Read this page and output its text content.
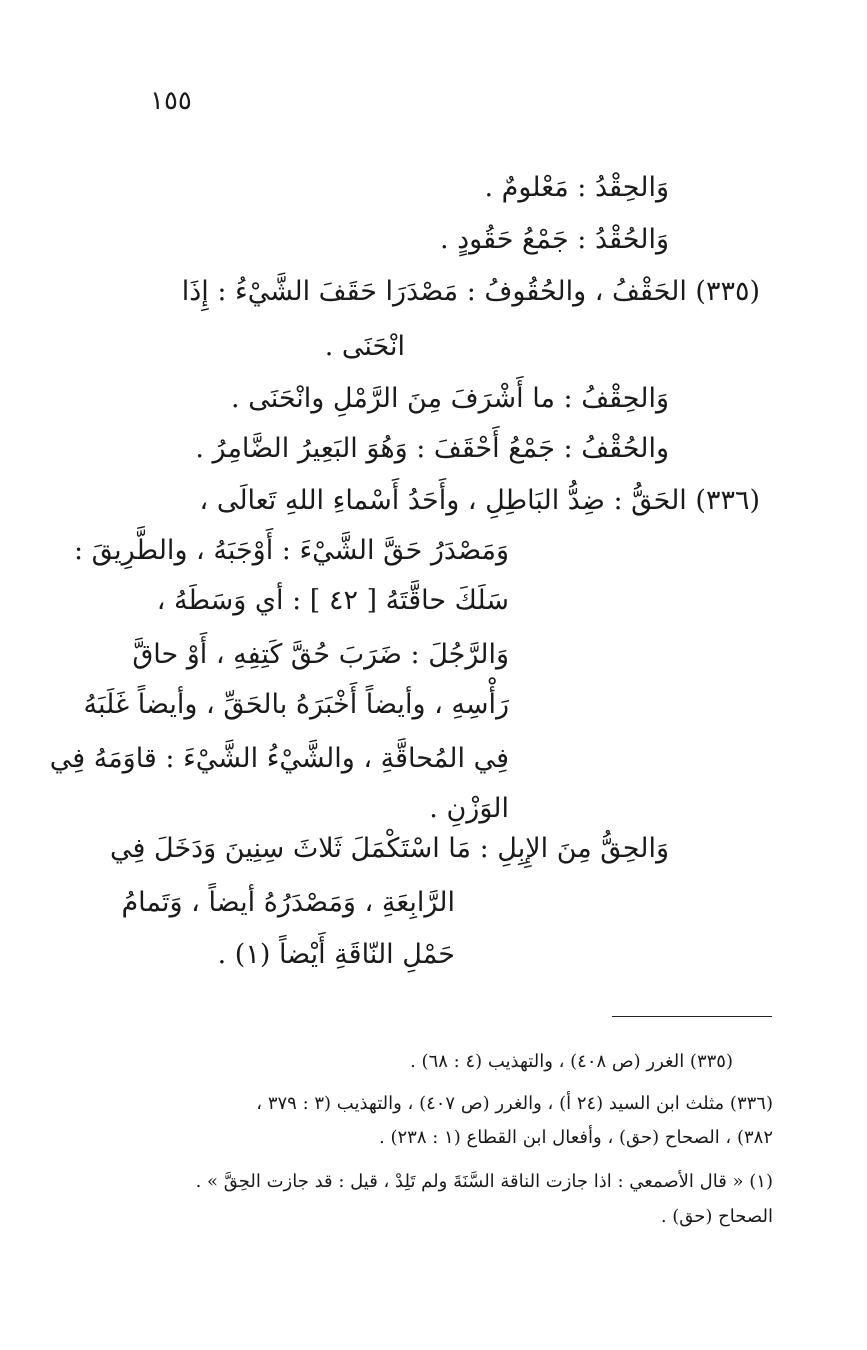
١٥٥
وَالحِقْدُ : مَعْلومٌ .
وَالحُقْدُ : جَمْعُ حَقُودٍ .
(٣٣٥) الحَقْفُ ، والحُقُوفُ : مَصْدَرَا حَقَفَ الشَّيْءُ : إِذَا
انْحَنَى .
وَالحِقْفُ : ما أَشْرَفَ مِنَ الرَّمْلِ وانْحَنَى .
والحُقْفُ : جَمْعُ أَحْقَفَ : وَهُوَ البَعِيرُ الضَّامِرُ .
(٣٣٦) الحَقُّ : ضِدُّ البَاطِلِ ، وأَحَدُ أَسْماءِ اللهِ تَعالَى ،
وَمَصْدَرُ حَقَّ الشَّيْءَ : أَوْجَبَهُ ، والطَّرِيقَ :
سَلَكَ حاقَّتَهُ [ ٤٢ ] : أي وَسَطَهُ ،
وَالرَّجُلَ : ضَرَبَ حُقَّ كَتِفِهِ ، أَوْ حاقَّ
رَأْسِهِ ، وأيضاً أَخْبَرَهُ بالحَقِّ ، وأيضاً غَلَبَهُ
فِي المُحاقَّةِ ، والشَّيْءُ الشَّيْءَ : قاوَمَهُ فِي
الوَزْنِ .
وَالحِقُّ مِنَ الإِبِلِ : مَا اسْتَكْمَلَ ثَلاثَ سِنِينَ وَدَخَلَ فِي
الرَّابِعَةِ ، وَمَصْدَرُهُ أيضاً ، وَتَمامُ
حَمْلِ النّاقَةِ أَيْضاً (١) .
(٣٣٥) الغرر (ص ٤٠٨) ، والتهذيب (٤ : ٦٨) .
(٣٣٦) مثلث ابن السيد (٢٤ أ) ، والغرر (ص ٤٠٧) ، والتهذيب (٣ : ٣٧٩ ،
٣٨٢) ، الصحاح (حق) ، وأفعال ابن القطاع (١ : ٢٣٨) .
(١) « قال الأصمعي : اذا جازت الناقة السَّنَةَ ولم تَلِدْ ، قيل : قد جازت الحِقَّ » .
الصحاح (حق) .
